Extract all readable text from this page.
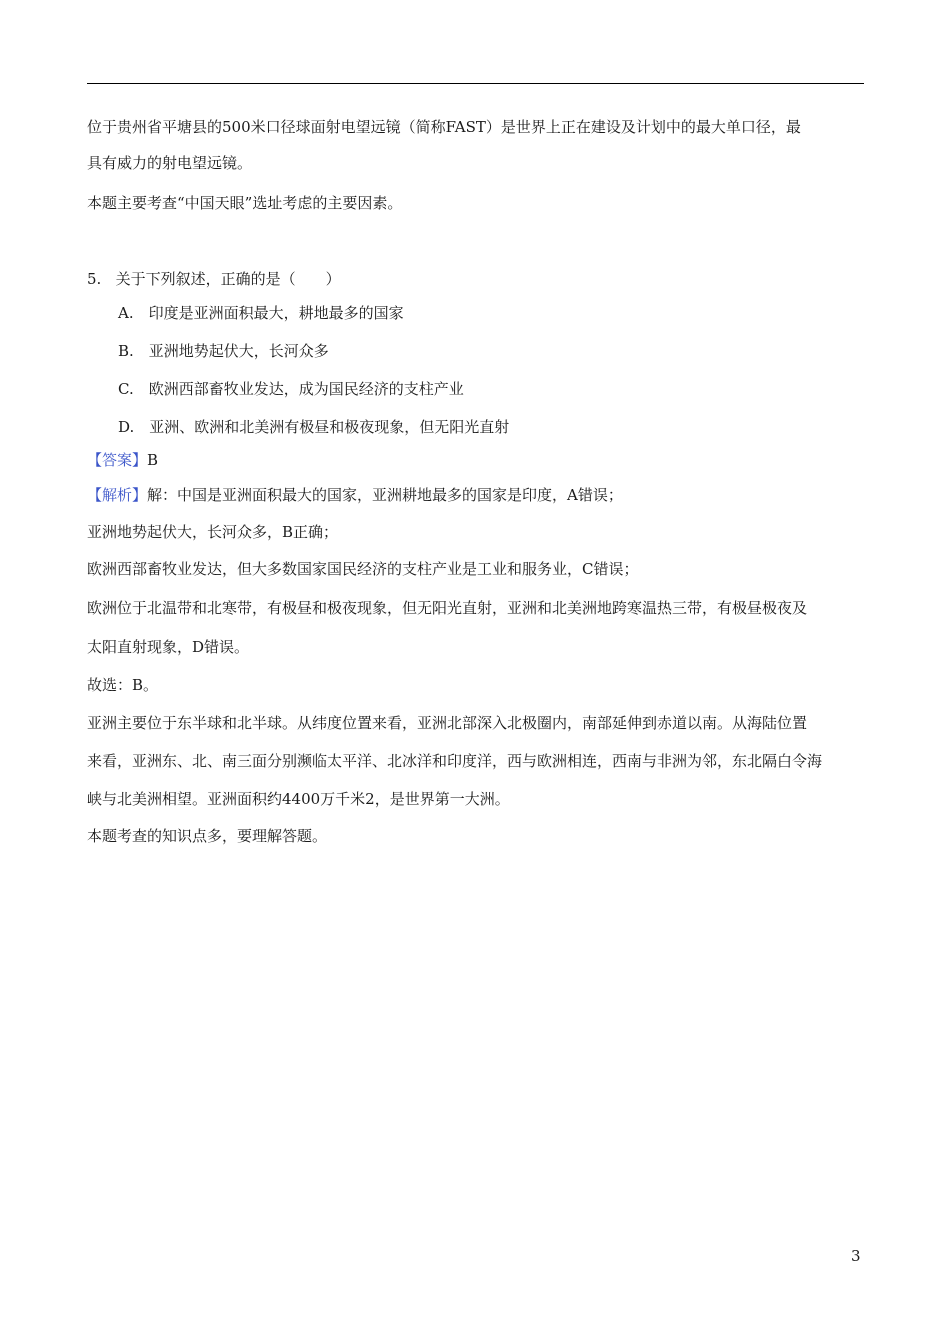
位于贵州省平塘县的500米口径球面射电望远镜（简称FAST）是世界上正在建设及计划中的最大单口径，最

具有威力的射电望远镜。

本题主要考查“中国天眼”选址考虑的主要因素。

5. 关于下列叙述，正确的是（　　）

A.　印度是亚洲面积最大，耕地最多的国家

B.　亚洲地势起伏大，长河众多

C.　欧洲西部畜牧业发达，成为国民经济的支柱产业

D.　亚洲、欧洲和北美洲有极昼和极夜现象，但无阳光直射

【答案】B

【解析】解：中国是亚洲面积最大的国家，亚洲耕地最多的国家是印度，A错误；

亚洲地势起伏大，长河众多，B正确；

欧洲西部畜牧业发达，但大多数国家国民经济的支柱产业是工业和服务业，C错误；

欧洲位于北温带和北寒带，有极昼和极夜现象，但无阳光直射，亚洲和北美洲地跨寒温热三带，有极昼极夜及

太阳直射现象，D错误。

故选：B。

亚洲主要位于东半球和北半球。从纬度位置来看，亚洲北部深入北极圈内，南部延伸到赤道以南。从海陆位置

来看，亚洲东、北、南三面分别濒临太平洋、北冰洋和印度洋，西与欧洲相连，西南与非洲为邻，东北隔白令海

峡与北美洲相望。亚洲面积约4400万千米2，是世界第一大洲。

本题考查的知识点多，要理解答题。

3
